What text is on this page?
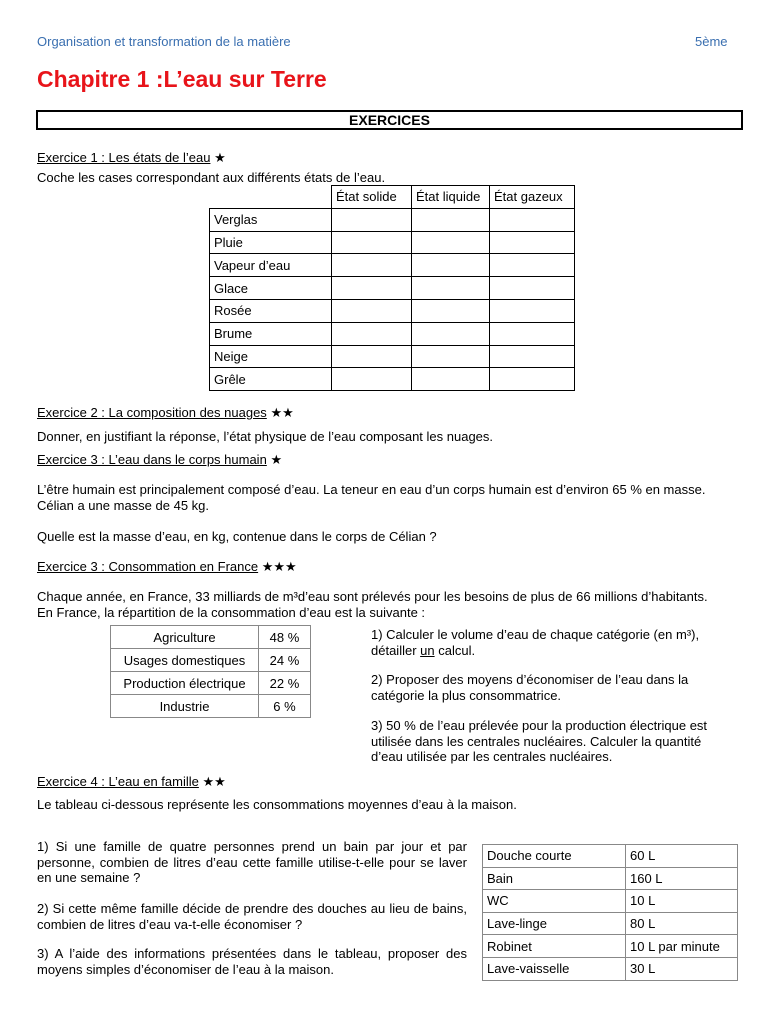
Organisation et transformation de la matière	5ème
Chapitre 1 :L’eau sur Terre
EXERCICES
Exercice 1 : Les états de l’eau ★
Coche les cases correspondant aux différents états de l’eau.
	État solide	État liquide	État gazeux
Verglas			
Pluie			
Vapeur d’eau			
Glace			
Rosée			
Brume			
Neige			
Grêle			
Exercice 2 : La composition des nuages ★★
Donner, en justifiant la réponse, l’état physique de l’eau composant les nuages.
Exercice 3 : L’eau dans le corps humain ★
L’être humain est principalement composé d’eau. La teneur en eau d’un corps humain est d’environ 65 % en masse. Célian a une masse de 45 kg.
Quelle est la masse d’eau, en kg, contenue dans le corps de Célian ?
Exercice 3 : Consommation en France ★★★
Chaque année, en France, 33 milliards de m³d’eau sont prélevés pour les besoins de plus de 66 millions d’habitants. En France, la répartition de la consommation d’eau est la suivante :
Agriculture	48 %
Usages domestiques	24 %
Production électrique	22 %
Industrie	6 %
1) Calculer le volume d’eau de chaque catégorie (en m³), détailler un calcul.
2) Proposer des moyens d’économiser de l’eau dans la catégorie la plus consommatrice.
3) 50 % de l’eau prélevée pour la production électrique est utilisée dans les centrales nucléaires. Calculer la quantité d’eau utilisée par les centrales nucléaires.
Exercice 4 : L’eau en famille ★★
Le tableau ci-dessous représente les consommations moyennes d’eau à la maison.
1) Si une famille de quatre personnes prend un bain par jour et par personne, combien de litres d’eau cette famille utilise-t-elle pour se laver en une semaine ?
2) Si cette même famille décide de prendre des douches au lieu de bains, combien de litres d’eau va-t-elle économiser ?
3) A l’aide des informations présentées dans le tableau, proposer des moyens simples d’économiser de l’eau à la maison.
Douche courte	60 L
Bain	160 L
WC	10 L
Lave-linge	80 L
Robinet	10 L par minute
Lave-vaisselle	30 L
